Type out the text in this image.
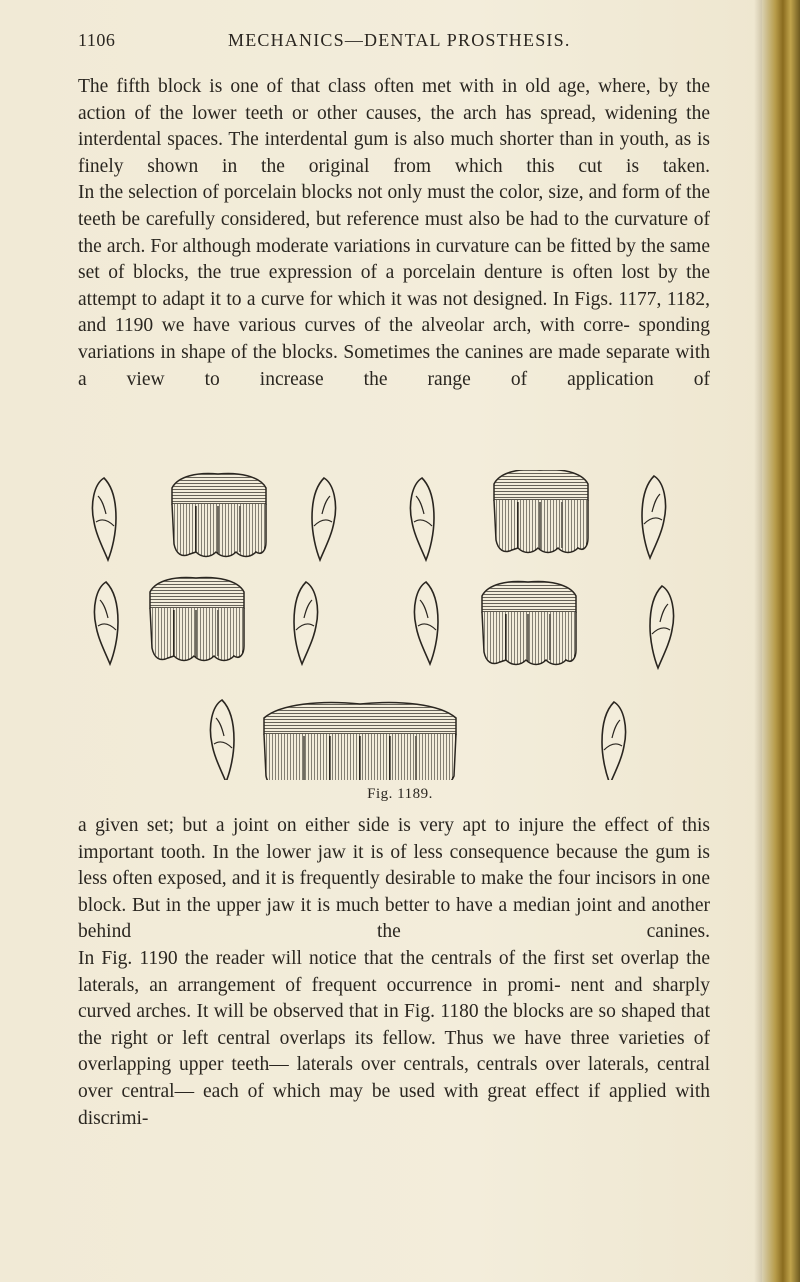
1106	MECHANICS—DENTAL PROSTHESIS.

The fifth block is one of that class often met with in old age, where, by the action of the lower teeth or other causes, the arch has spread, widening the interdental spaces. The interdental gum is also much shorter than in youth, as is finely shown in the original from which this cut is taken.

In the selection of porcelain blocks not only must the color, size, and form of the teeth be carefully considered, but reference must also be had to the curvature of the arch. For although moderate variations in curvature can be fitted by the same set of blocks, the true expression of a porcelain denture is often lost by the attempt to adapt it to a curve for which it was not designed. In Figs. 1177, 1182, and 1190 we have various curves of the alveolar arch, with corre- sponding variations in shape of the blocks. Sometimes the canines are made separate with a view to increase the range of application of

Fig. 1189.

a given set; but a joint on either side is very apt to injure the effect of this important tooth. In the lower jaw it is of less consequence because the gum is less often exposed, and it is frequently desirable to make the four incisors in one block. But in the upper jaw it is much better to have a median joint and another behind the canines.

In Fig. 1190 the reader will notice that the centrals of the first set overlap the laterals, an arrangement of frequent occurrence in promi- nent and sharply curved arches. It will be observed that in Fig. 1180 the blocks are so shaped that the right or left central overlaps its fellow. Thus we have three varieties of overlapping upper teeth— laterals over centrals, centrals over laterals, central over central— each of which may be used with great effect if applied with discrimi-
